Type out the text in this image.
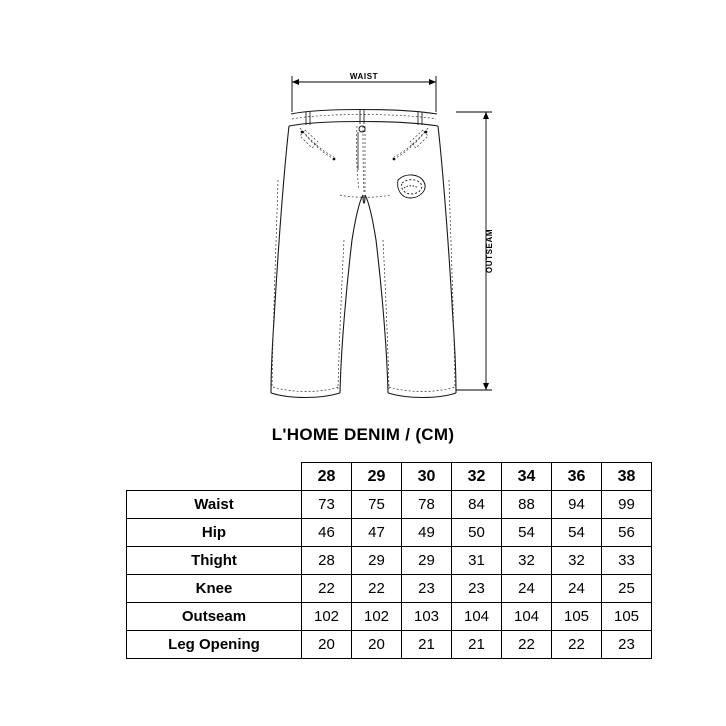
WAIST
OUTSEAM
L'HOME DENIM / (CM)
	28	29	30	32	34	36	38
Waist	73	75	78	84	88	94	99
Hip	46	47	49	50	54	54	56
Thight	28	29	29	31	32	32	33
Knee	22	22	23	23	24	24	25
Outseam	102	102	103	104	104	105	105
Leg Opening	20	20	21	21	22	22	23
